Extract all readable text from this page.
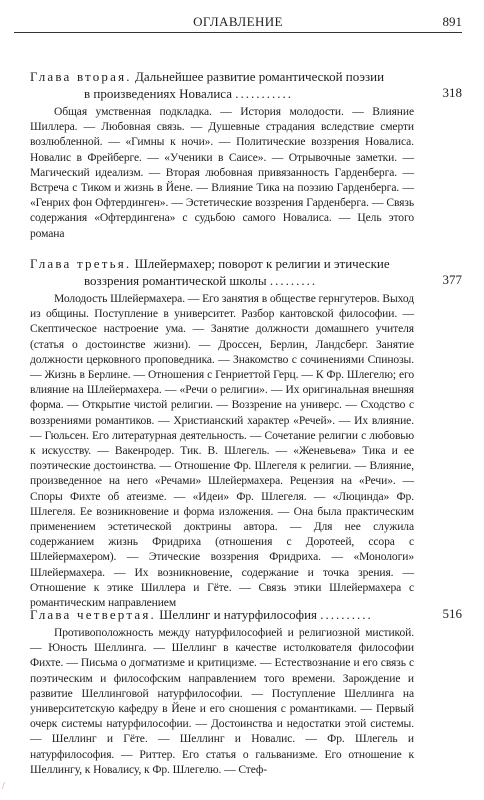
ОГЛАВЛЕНИЕ	891
Глава вторая. Дальнейшее развитие романтической поэзии
в произведениях Новалиса ...........	318
Общая умственная подкладка. — История молодости. — Влияние Шиллера. — Любовная связь. — Душевные страдания вследствие смерти возлюбленной. — «Гимны к ночи». — Политические воззрения Новалиса. Новалис в Фрейберге. — «Ученики в Саисе». — Отрывочные заметки. — Магический идеализм. — Вторая любовная привязанность Гарденберга. — Встреча с Тиком и жизнь в Йене. — Влияние Тика на поэзию Гарденберга. — «Генрих фон Офтердинген». — Эстетические воззрения Гарденберга. — Связь содержания «Офтердингена» с судьбою самого Новалиса. — Цель этого романа
Глава третья. Шлейермахер; поворот к религии и этические
воззрения романтической школы .........	377
Молодость Шлейермахера. — Его занятия в обществе гернгутеров. Выход из общины. Поступление в университет. Разбор кантовской философии. — Скептическое настроение ума. — Занятие должности домашнего учителя (статья о достоинстве жизни). — Дроссен, Берлин, Ландсберг. Занятие должности церковного проповедника. — Знакомство с сочинениями Спинозы. — Жизнь в Берлине. — Отношения с Генриеттой Герц. — К Фр. Шлегелю; его влияние на Шлейермахера. — «Речи о религии». — Их оригинальная внешняя форма. — Открытие чистой религии. — Воззрение на универс. — Сходство с воззрениями романтиков. — Христианский характер «Речей». — Их влияние. — Гюльсен. Его литературная деятельность. — Сочетание религии с любовью к искусству. — Вакенродер. Тик. В. Шлегель. — «Женевьева» Тика и ее поэтические достоинства. — Отношение Фр. Шлегеля к религии. — Влияние, произведенное на него «Речами» Шлейермахера. Рецензия на «Речи». — Споры Фихте об атеизме. — «Идеи» Фр. Шлегеля. — «Люцинда» Фр. Шлегеля. Ее возникновение и форма изложения. — Она была практическим применением эстетической доктрины автора. — Для нее служила содержанием жизнь Фридриха (отношения с Доротеей, ссора с Шлейермахером). — Этические воззрения Фридриха. — «Монологи» Шлейермахера. — Их возникновение, содержание и точка зрения. — Отношение к этике Шиллера и Гёте. — Связь этики Шлейермахера с романтическим направлением
Глава четвертая. Шеллинг и натурфилософия ..........	516
Противоположность между натурфилософией и религиозной мистикой. — Юность Шеллинга. — Шеллинг в качестве истолкователя философии Фихте. — Письма о догматизме и критицизме. — Естествознание и его связь с поэтическим и философским направлением того времени. Зарождение и развитие Шеллинговой натурфилософии. — Поступление Шеллинга на университетскую кафедру в Йене и его сношения с романтиками. — Первый очерк системы натурфилософии. — Достоинства и недостатки этой системы. — Шеллинг и Гёте. — Шеллинг и Новалис. — Фр. Шлегель и натурфилософия. — Риттер. Его статья о гальванизме. Его отношение к Шеллингу, к Новалису, к Фр. Шлегелю. — Стеф-
/
